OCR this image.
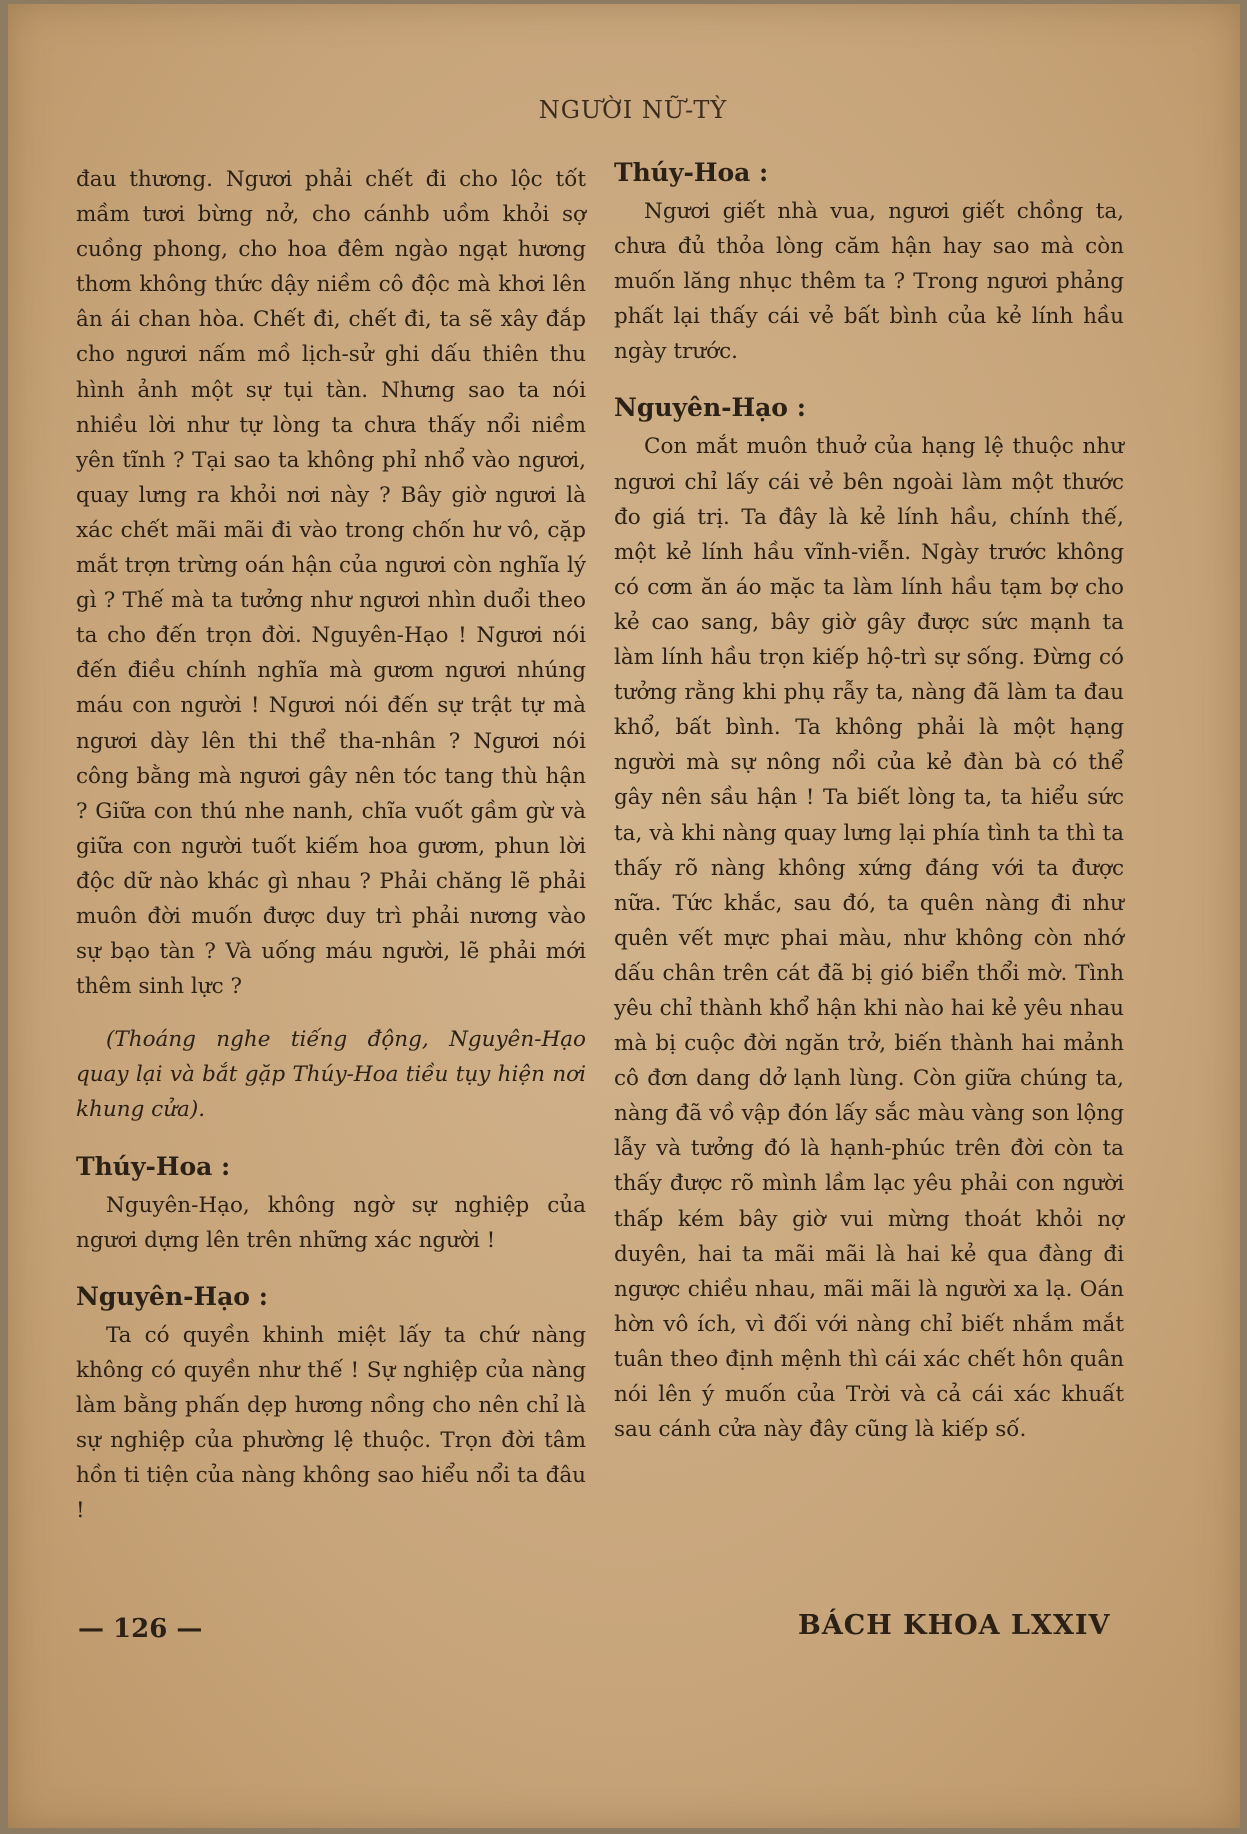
NGƯỜI NỮ-TỲ

đau thương. Ngươi phải chết đi cho lộc tốt mầm tươi bừng nở, cho cánhb uồm khỏi sợ cuồng phong, cho hoa đêm ngào ngạt hương thơm không thức dậy niềm cô độc mà khơi lên ân ái chan hòa. Chết đi, chết đi, ta sẽ xây đắp cho ngươi nấm mồ lịch-sử ghi dấu thiên thu hình ảnh một sự tụi tàn. Nhưng sao ta nói nhiều lời như tự lòng ta chưa thấy nổi niềm yên tĩnh ? Tại sao ta không phỉ nhổ vào ngươi, quay lưng ra khỏi nơi này ? Bây giờ ngươi là xác chết mãi mãi đi vào trong chốn hư vô, cặp mắt trợn trừng oán hận của ngươi còn nghĩa lý gì ? Thế mà ta tưởng như ngươi nhìn duổi theo ta cho đến trọn đời. Nguyên-Hạo ! Ngươi nói đến điều chính nghĩa mà gươm ngươi nhúng máu con người ! Ngươi nói đến sự trật tự mà ngươi dày lên thi thể tha-nhân ? Ngươi nói công bằng mà ngươi gây nên tóc tang thù hận ? Giữa con thú nhe nanh, chĩa vuốt gầm gừ và giữa con người tuốt kiếm hoa gươm, phun lời độc dữ nào khác gì nhau ? Phải chăng lẽ phải muôn đời muốn được duy trì phải nương vào sự bạo tàn ? Và uống máu người, lẽ phải mới thêm sinh lực ?

(Thoáng nghe tiếng động, Nguyên-Hạo quay lại và bắt gặp Thúy-Hoa tiều tụy hiện nơi khung cửa).

Thúy-Hoa :

Nguyên-Hạo, không ngờ sự nghiệp của ngươi dựng lên trên những xác người !

Nguyên-Hạo :

Ta có quyền khinh miệt lấy ta chứ nàng không có quyền như thế ! Sự nghiệp của nàng làm bằng phấn dẹp hương nồng cho nên chỉ là sự nghiệp của phường lệ thuộc. Trọn đời tâm hồn ti tiện của nàng không sao hiểu nổi ta đâu !

Thúy-Hoa :

Ngươi giết nhà vua, ngươi giết chồng ta, chưa đủ thỏa lòng căm hận hay sao mà còn muốn lăng nhục thêm ta ? Trong ngươi phảng phất lại thấy cái vẻ bất bình của kẻ lính hầu ngày trước.

Nguyên-Hạo :

Con mắt muôn thuở của hạng lệ thuộc như ngươi chỉ lấy cái vẻ bên ngoài làm một thước đo giá trị. Ta đây là kẻ lính hầu, chính thế, một kẻ lính hầu vĩnh-viễn. Ngày trước không có cơm ăn áo mặc ta làm lính hầu tạm bợ cho kẻ cao sang, bây giờ gây được sức mạnh ta làm lính hầu trọn kiếp hộ-trì sự sống. Đừng có tưởng rằng khi phụ rẫy ta, nàng đã làm ta đau khổ, bất bình. Ta không phải là một hạng người mà sự nông nổi của kẻ đàn bà có thể gây nên sầu hận ! Ta biết lòng ta, ta hiểu sức ta, và khi nàng quay lưng lại phía tình ta thì ta thấy rõ nàng không xứng đáng với ta được nữa. Tức khắc, sau đó, ta quên nàng đi như quên vết mực phai màu, như không còn nhớ dấu chân trên cát đã bị gió biển thổi mờ. Tình yêu chỉ thành khổ hận khi nào hai kẻ yêu nhau mà bị cuộc đời ngăn trở, biến thành hai mảnh cô đơn dang dở lạnh lùng. Còn giữa chúng ta, nàng đã vồ vập đón lấy sắc màu vàng son lộng lẫy và tưởng đó là hạnh-phúc trên đời còn ta thấy được rõ mình lầm lạc yêu phải con người thấp kém bây giờ vui mừng thoát khỏi nợ duyên, hai ta mãi mãi là hai kẻ qua đàng đi ngược chiều nhau, mãi mãi là người xa lạ. Oán hờn vô ích, vì đối với nàng chỉ biết nhắm mắt tuân theo định mệnh thì cái xác chết hôn quân nói lên ý muốn của Trời và cả cái xác khuất sau cánh cửa này đây cũng là kiếp số.

— 126 —	BÁCH KHOA LXXIV
